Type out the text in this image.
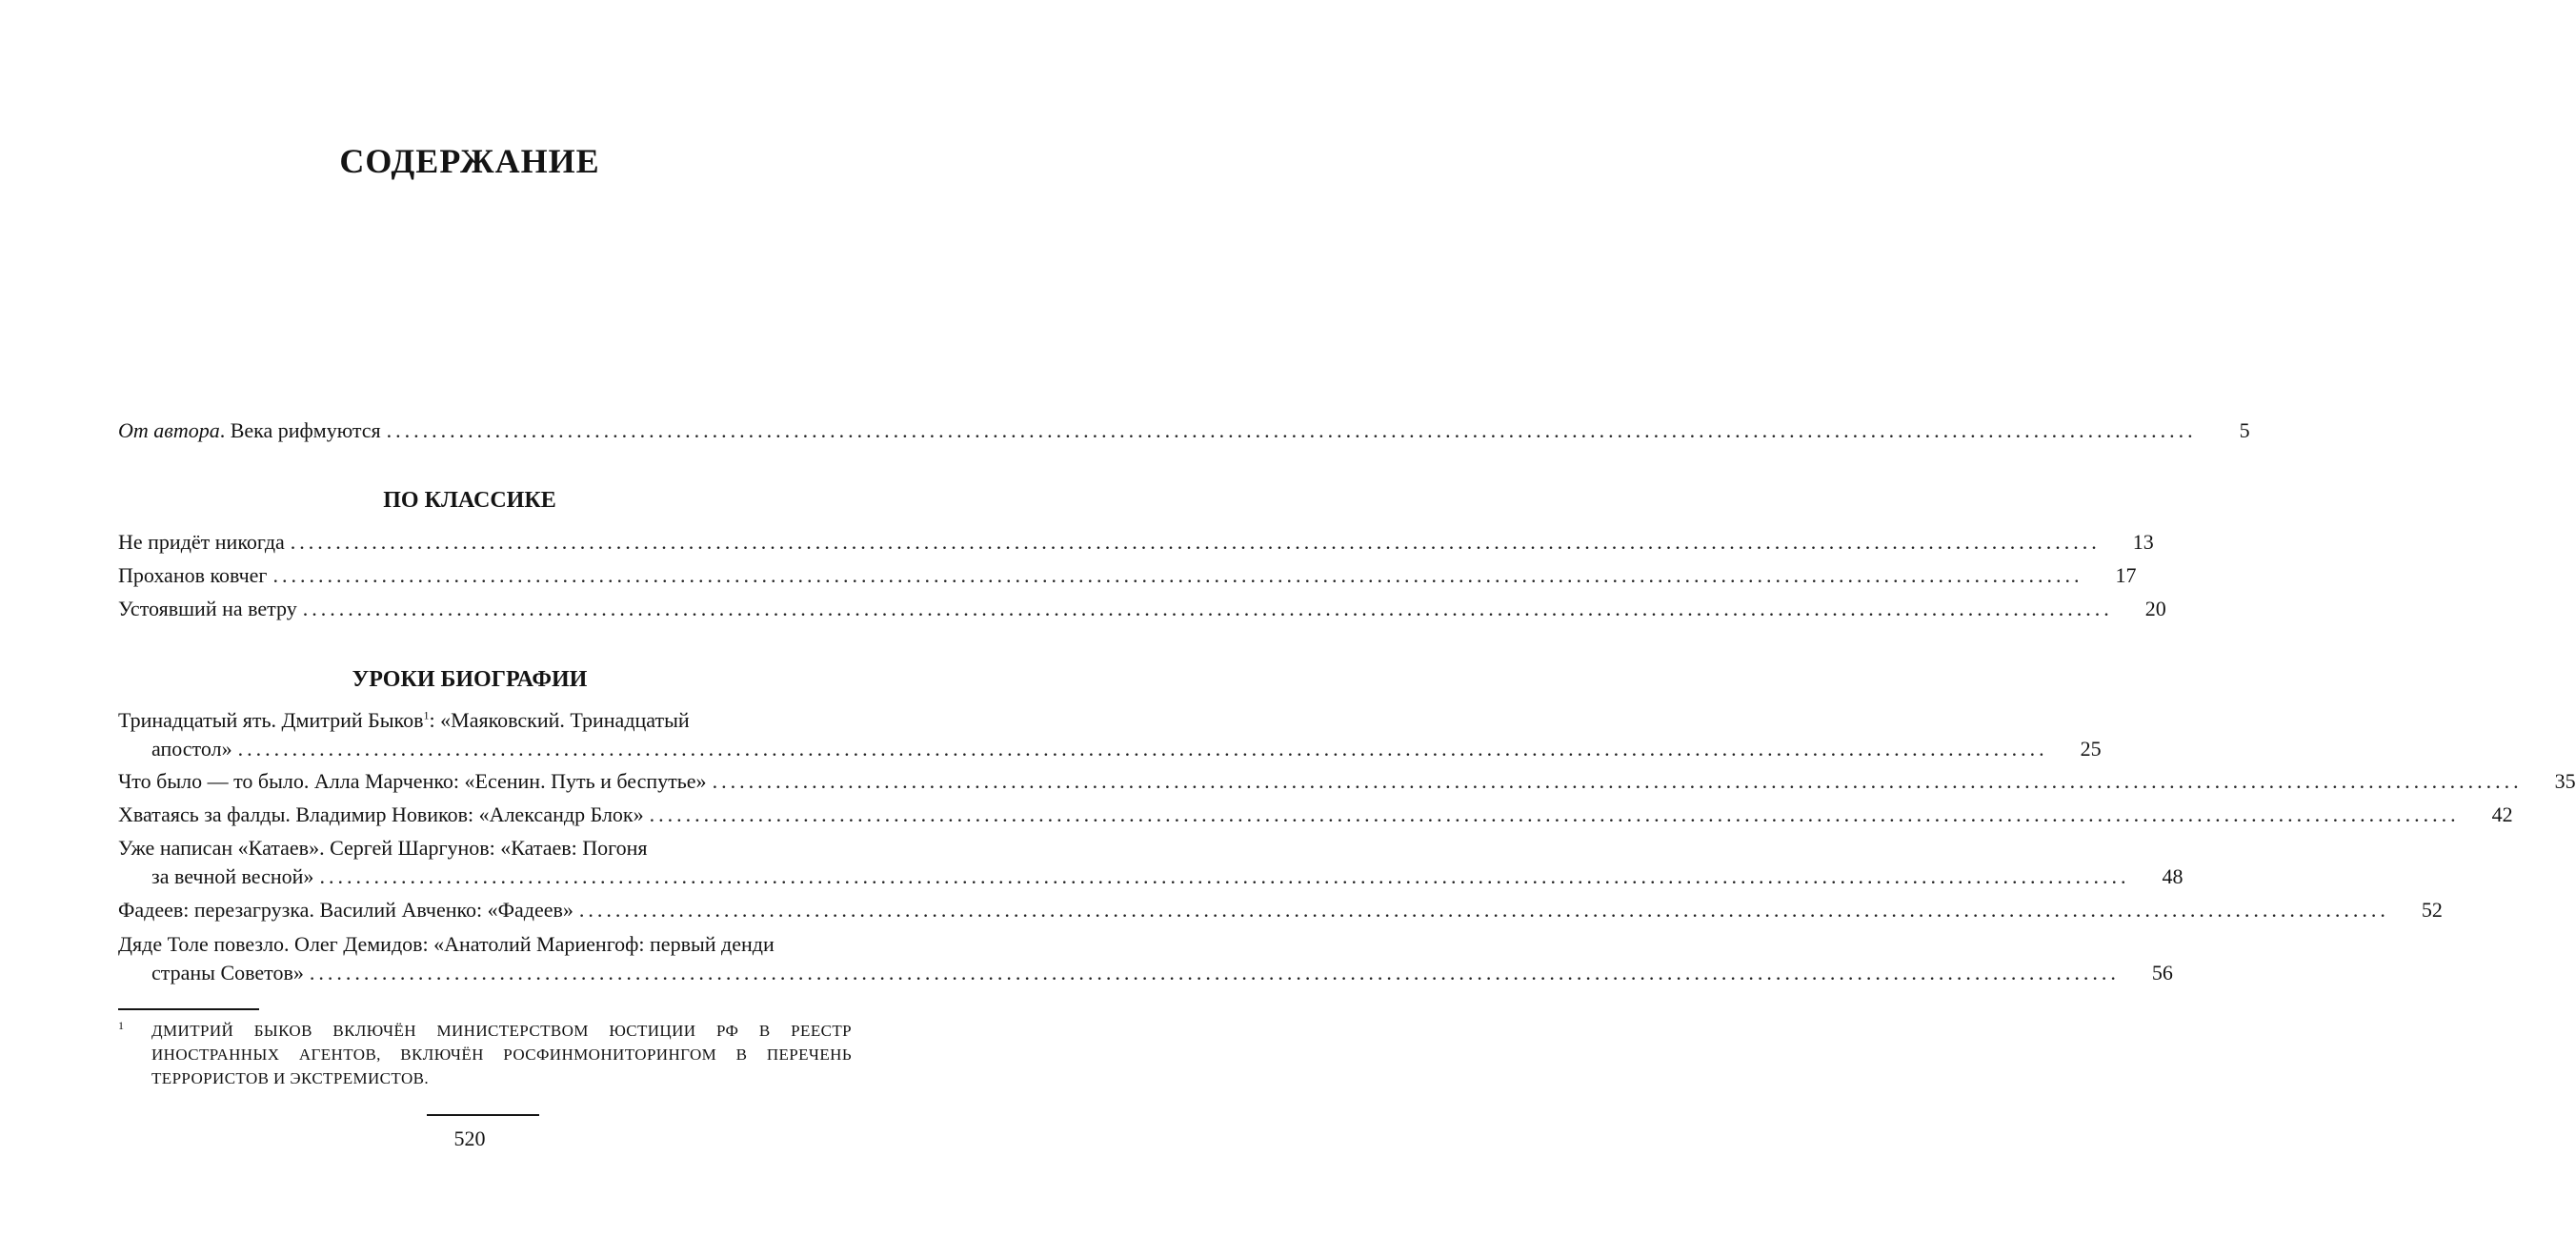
СОДЕРЖАНИЕ
От автора. Века рифмуются ........................................................................................................................................................................................................	5
ПО КЛАССИКЕ
Не придёт никогда ........................................................................................................................................................................................................	13
Проханов ковчег ........................................................................................................................................................................................................	17
Устоявший на ветру ........................................................................................................................................................................................................	20
УРОКИ БИОГРАФИИ
Тринадцатый ять. Дмитрий Быков$^1$: «Маяковский. Тринадцатый
апостол» ........................................................................................................................................................................................................	25
Что было — то было. Алла Марченко: «Есенин. Путь и беспутье» ........................................................................................................................................................................................................	35
Хватаясь за фалды. Владимир Новиков: «Александр Блок» ........................................................................................................................................................................................................	42
Уже написан «Катаев». Сергей Шаргунов: «Катаев: Погоня
за вечной весной» ........................................................................................................................................................................................................	48
Фадеев: перезагрузка. Василий Авченко: «Фадеев» ........................................................................................................................................................................................................	52
Дяде Толе повезло. Олег Демидов: «Анатолий Мариенгоф: первый денди
страны Советов» ........................................................................................................................................................................................................	56
1 ДМИТРИЙ БЫКОВ ВКЛЮЧЁН МИНИСТЕРСТВОМ ЮСТИЦИИ РФ В РЕЕСТР ИНОСТРАННЫХ АГЕНТОВ, ВКЛЮЧЁН РОСФИНМОНИТОРИНГОМ В ПЕРЕЧЕНЬ ТЕРРОРИСТОВ И ЭКСТРЕМИСТОВ.
520
